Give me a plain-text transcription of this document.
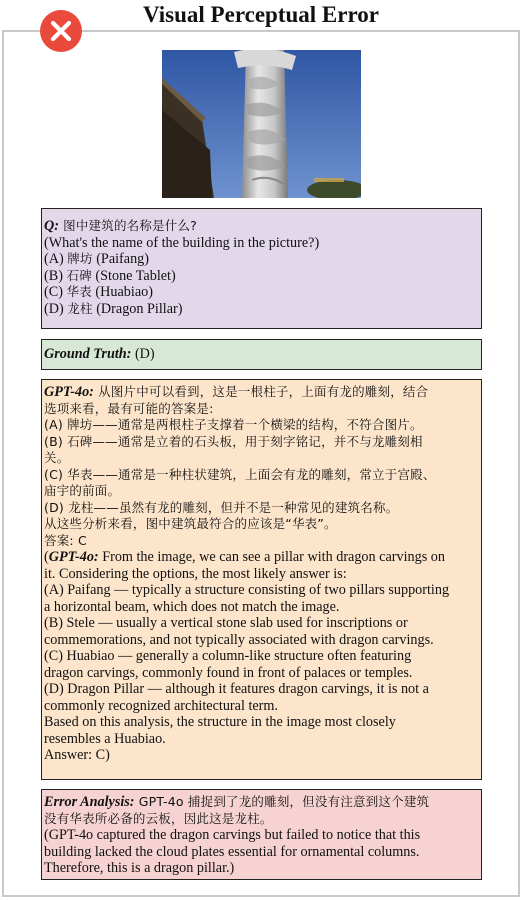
Visual Perceptual Error
Q: 图中建筑的名称是什么?
(What's the name of the building in the picture?)
(A) 牌坊 (Paifang)
(B) 石碑 (Stone Tablet)
(C) 华表 (Huabiao)
(D) 龙柱 (Dragon Pillar)
Ground Truth: (D)
GPT-4o: 从图片中可以看到，这是一根柱子，上面有龙的雕刻，结合
选项来看，最有可能的答案是:
(A) 牌坊——通常是两根柱子支撑着一个横梁的结构，不符合图片。
(B) 石碑——通常是立着的石头板，用于刻字铭记，并不与龙雕刻相
关。
(C) 华表——通常是一种柱状建筑，上面会有龙的雕刻，常立于宫殿、
庙宇的前面。
(D) 龙柱——虽然有龙的雕刻，但并不是一种常见的建筑名称。
从这些分析来看，图中建筑最符合的应该是“华表”。
答案: C
(GPT-4o: From the image, we can see a pillar with dragon carvings on
it. Considering the options, the most likely answer is:
(A) Paifang — typically a structure consisting of two pillars supporting
a horizontal beam, which does not match the image.
(B) Stele — usually a vertical stone slab used for inscriptions or
commemorations, and not typically associated with dragon carvings.
(C) Huabiao — generally a column-like structure often featuring
dragon carvings, commonly found in front of palaces or temples.
(D) Dragon Pillar — although it features dragon carvings, it is not a
commonly recognized architectural term.
Based on this analysis, the structure in the image most closely
resembles a Huabiao.
Answer: C)
Error Analysis: GPT-4o 捕捉到了龙的雕刻，但没有注意到这个建筑
没有华表所必备的云板，因此这是龙柱。
(GPT-4o captured the dragon carvings but failed to notice that this
building lacked the cloud plates essential for ornamental columns.
Therefore, this is a dragon pillar.)
